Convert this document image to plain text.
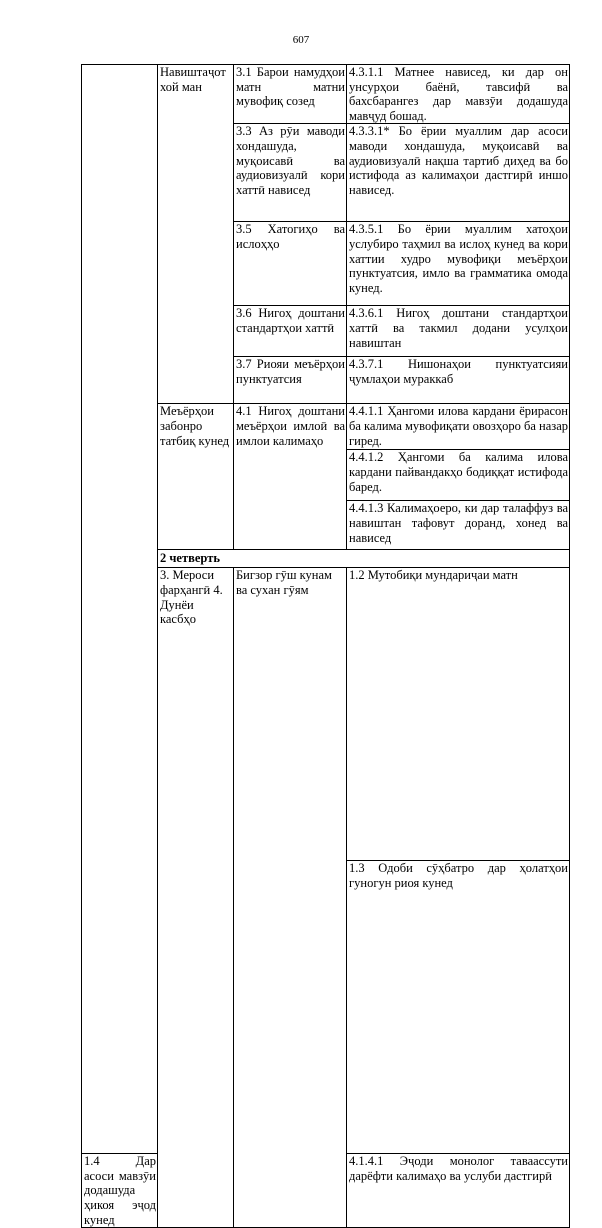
607
	Навиштаҷот хой ман	3.1 Барои намудҳои матн матни мувофиқ созед	4.3.1.1 Матнее нависед, ки дар он унсурҳои баёнӣ, тавсифӣ ва бахсбарангез дар мавзӯи додашуда мавҷуд бошад.	
		3.3 Аз рӯи маводи хондашуда, муқоисавӣ ва аудиовизуалӣ кори хаттӣ нависед	4.3.3.1* Бо ёрии муаллим дар асоси маводи хондашуда, муқоисавӣ ва аудиовизуалӣ нақша тартиб диҳед ва бо истифода аз калимаҳои дастгирӣ иншо нависед.	
		3.5 Хатогиҳо ва ислоҳҳо	4.3.5.1 Бо ёрии муаллим хатоҳои услубиро таҳмил ва ислоҳ кунед ва кори хаттии худро мувофиқи меъёрҳои пунктуатсия, имло ва грамматика омода кунед.	
		3.6 Нигоҳ доштани стандартҳои хаттӣ	4.3.6.1 Нигоҳ доштани стандартҳои хаттӣ ва такмил додани усулҳои навиштан	
		3.7 Риояи меъёрҳои пунктуатсия	4.3.7.1 Нишонаҳои пунктуатсияи ҷумлаҳои мураккаб	
	Меъёрҳои забонро татбиқ кунед	4.1 Нигоҳ доштани меъёрҳои имлоӣ ва имлои калимаҳо	4.4.1.1 Ҳангоми илова кардани ёрирасон ба калима мувофиқати овозҳоро ба назар гиред.	
			4.4.1.2 Ҳангоми ба калима илова кардани пайвандакҳо бодиққат истифода баред.	
			4.4.1.3 Калимаҳоеро, ки дар талаффуз ва навиштан тафовут доранд, хонед ва нависед	
	2 четверть			
	3. Мероси фарҳангӣ 4. Дунёи касбҳо	Бигзор гӯш кунам ва сухан гӯям	1.2 Мутобиқи мундариҷаи матн	
			1.3 Одоби сӯҳбатро дар ҳолатҳои гуногун риоя кунед	
1.4 Дар асоси мавзӯи додашуда ҳикоя эҷод кунед			4.1.4.1 Эҷоди монолог таваассути дарёфти калимаҳо ва услуби дастгирӣ	
